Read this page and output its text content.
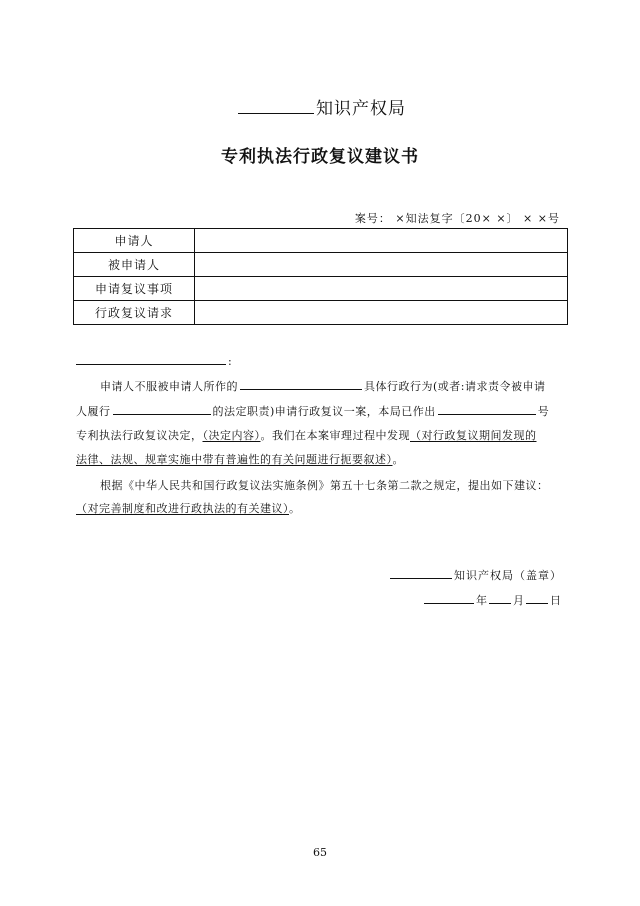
知识产权局
专利执法行政复议建议书
案号： ×知法复字〔20× ×〕 × ×号
申请人	
被申请人	
申请复议事项	
行政复议请求	
:
申请人不服被申请人所作的	具体行政行为(或者:请求责令被申请
人履行	的法定职责)申请行政复议一案，本局已作出	号
专利执法行政复议决定，（决定内容）。我们在本案审理过程中发现（对行政复议期间发现的
法律、法规、规章实施中带有普遍性的有关问题进行扼要叙述）。
根据《中华人民共和国行政复议法实施条例》第五十七条第二款之规定，提出如下建议：
（对完善制度和改进行政执法的有关建议）。
知识产权局（盖章）
年 月 日
65
